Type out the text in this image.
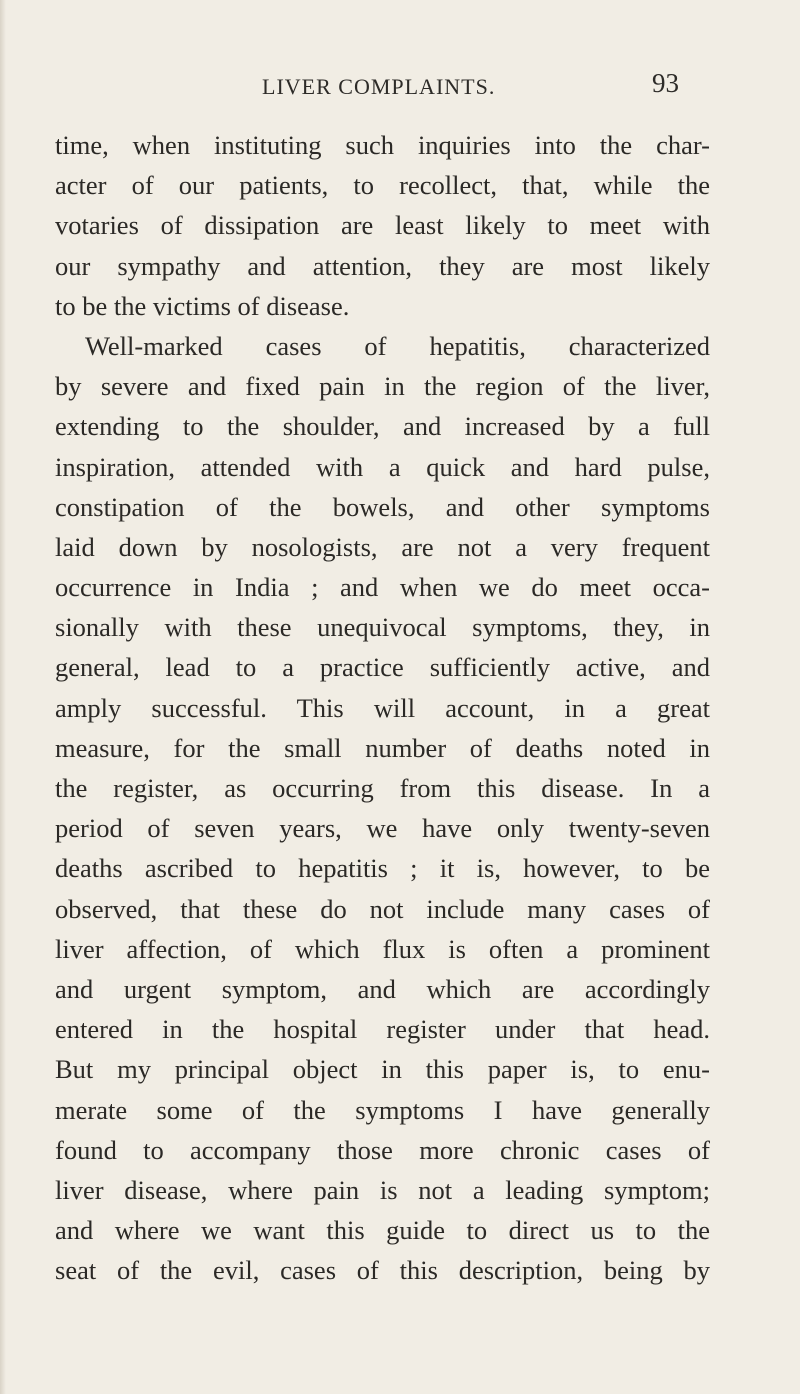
LIVER COMPLAINTS.	93
time, when instituting such inquiries into the char-
acter of our patients, to recollect, that, while the
votaries of dissipation are least likely to meet with
our sympathy and attention, they are most likely
to be the victims of disease.
Well-marked cases of hepatitis, characterized
by severe and fixed pain in the region of the liver,
extending to the shoulder, and increased by a full
inspiration, attended with a quick and hard pulse,
constipation of the bowels, and other symptoms
laid down by nosologists, are not a very frequent
occurrence in India ; and when we do meet occa-
sionally with these unequivocal symptoms, they, in
general, lead to a practice sufficiently active, and
amply successful. This will account, in a great
measure, for the small number of deaths noted in
the register, as occurring from this disease. In a
period of seven years, we have only twenty-seven
deaths ascribed to hepatitis ; it is, however, to be
observed, that these do not include many cases of
liver affection, of which flux is often a prominent
and urgent symptom, and which are accordingly
entered in the hospital register under that head.
But my principal object in this paper is, to enu-
merate some of the symptoms I have generally
found to accompany those more chronic cases of
liver disease, where pain is not a leading symptom;
and where we want this guide to direct us to the
seat of the evil, cases of this description, being by
